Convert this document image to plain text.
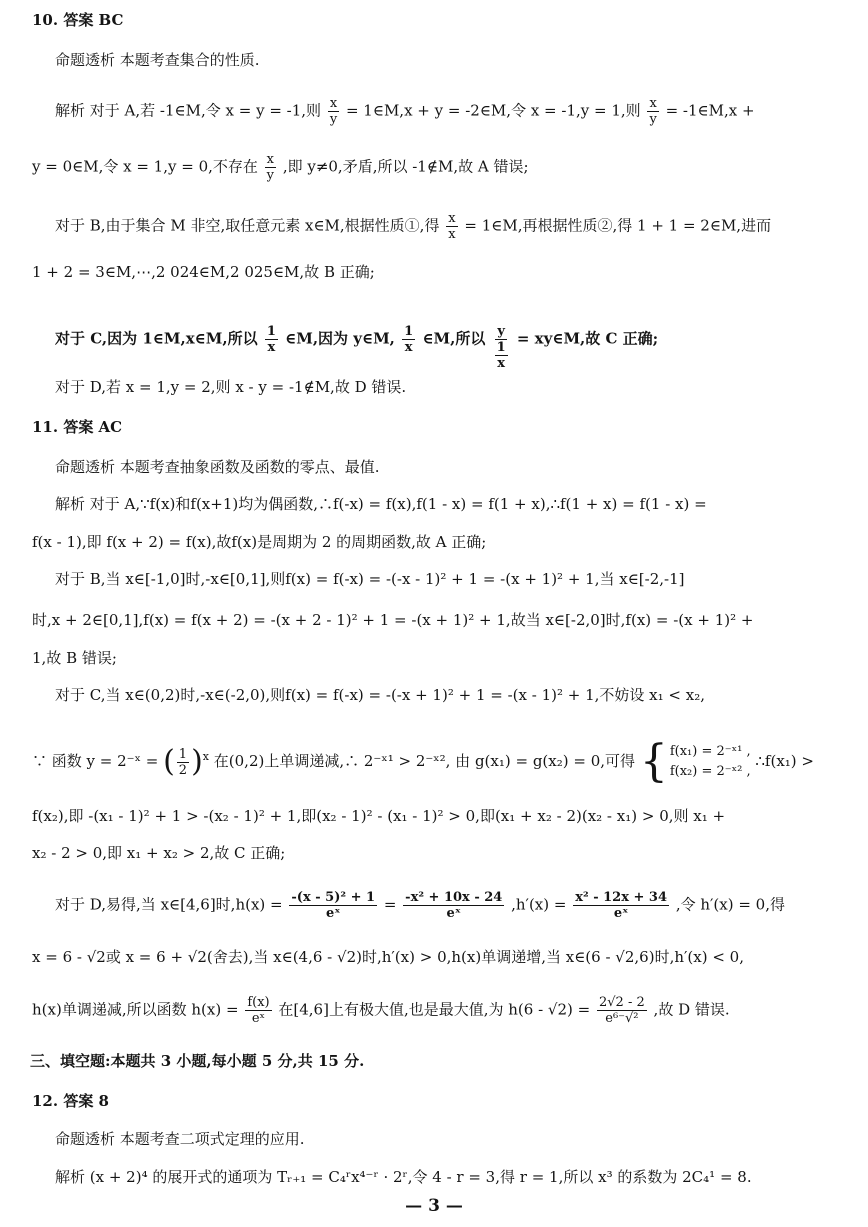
10. 答案 BC
命题透析 本题考查集合的性质.
解析 对于 A,若 -1∈M,令 x = y = -1,则 $\frac{x}{y}$ = 1∈M,x + y = -2∈M,令 x = -1,y = 1,则 $\frac{x}{y}$ = -1∈M,x +
y = 0∈M,令 x = 1,y = 0,不存在 $\frac{x}{y}$ ,即 y≠0,矛盾,所以 -1∉M,故 A 错误;
对于 B,由于集合 M 非空,取任意元素 x∈M,根据性质①,得 $\frac{x}{x}$ = 1∈M,再根据性质②,得 1 + 1 = 2∈M,进而
1 + 2 = 3∈M,⋯,2 024∈M,2 025∈M,故 B 正确;
对于 C,因为 1∈M,x∈M,所以 $\frac{1}{x}$ ∈M,因为 y∈M, $\frac{1}{x}$ ∈M,所以 y
1
x = xy∈M,故 C 正确;
对于 D,若 x = 1,y = 2,则 x - y = -1∉M,故 D 错误.
11. 答案 AC
命题透析 本题考查抽象函数及函数的零点、最值.
解析 对于 A,∵f(x)和f(x+1)均为偶函数,∴f(-x) = f(x),f(1 - x) = f(1 + x),∴f(1 + x) = f(1 - x) =
f(x - 1),即 f(x + 2) = f(x),故f(x)是周期为 2 的周期函数,故 A 正确;
对于 B,当 x∈[-1,0]时,-x∈[0,1],则f(x) = f(-x) = -(-x - 1)² + 1 = -(x + 1)² + 1,当 x∈[-2,-1]
时,x + 2∈[0,1],f(x) = f(x + 2) = -(x + 2 - 1)² + 1 = -(x + 1)² + 1,故当 x∈[-2,0]时,f(x) = -(x + 1)² +
1,故 B 错误;
对于 C,当 x∈(0,2)时,-x∈(-2,0),则f(x) = f(-x) = -(-x + 1)² + 1 = -(x - 1)² + 1,不妨设 x₁ < x₂,
∵ 函数 y = 2⁻ˣ = ( $\frac{1}{2} )^x$ 在(0,2)上单调递减,∴ 2⁻ˣ¹ > 2⁻ˣ², 由 g(x₁) = g(x₂) = 0,可得 { f(x₁) = 2⁻ˣ¹ ,
f(x₂) = 2⁻ˣ² ,
∴f(x₁) >
f(x₂),即 -(x₁ - 1)² + 1 > -(x₂ - 1)² + 1,即(x₂ - 1)² - (x₁ - 1)² > 0,即(x₁ + x₂ - 2)(x₂ - x₁) > 0,则 x₁ +
x₂ - 2 > 0,即 x₁ + x₂ > 2,故 C 正确;
对于 D,易得,当 x∈[4,6]时$,h(x) = \frac{\text{-(x - 5)² + 1}}{\text{eˣ}} = \frac{\text{-x² + 10x - 24}}{\text{eˣ}} ,h'(x) = \frac{\text{x² - 12x + 34}}{\text{eˣ}}$ ,令 h′(x) = 0,得
x = 6 - √2或 x = 6 + √2(舍去),当 x∈(4,6 - √2)时,h′(x) > 0,h(x)单调递增,当 x∈(6 - √2,6)时,h′(x) < 0,
h(x)单调递减,所以函数 $h(x) = \frac{f(x)}{\text{eˣ}}$ 在[4,6]上有极大值,也是最大值,为 $h(6 - √2) = \frac{2√2 - 2}{\text{e⁶⁻√²}}$ ,故 D 错误.
三、填空题:本题共 3 小题,每小题 5 分,共 15 分.
12. 答案 8
命题透析 本题考查二项式定理的应用.
解析 (x + 2)⁴ 的展开式的通项为 Tᵣ₊₁ = C₄ʳx⁴⁻ʳ · 2ʳ,令 4 - r = 3,得 r = 1,所以 x³ 的系数为 2C₄¹ = 8.
— 3 —
